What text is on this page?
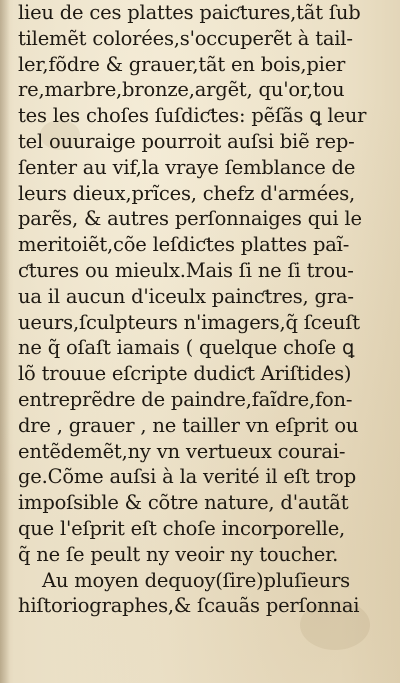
lieu de ces plattes paiƈtures,tãt ſub
tilemẽt colorées,s'occuperẽt à tail-
ler,fõdre & grauer,tãt en bois,pier
re,marbre,bronze,argẽt, qu'or,tou
tes les choſes ſuſdiƈtes: pẽſãs ꝗ leur
tel ouuraige pourroit auſsi biẽ rep-
ſenter au vif,la vraye ſemblance de
leurs dieux,prĩces, chefz d'armées,
parẽs, & autres perſonnaiges qui le
meritoiẽt,cõe leſdiƈtes plattes paĩ-
ƈtures ou mieulx.Mais ſi ne ſi trou-
ua il aucun d'iceulx painƈtres, gra-
ueurs,ſculpteurs n'imagers,q̃ ſceuſt
ne q̃ oſaſt iamais ( quelque choſe ꝗ
lõ trouue eſcripte dudiƈt Ariſtides)
entreprẽdre de paindre,faĩdre,fon-
dre , grauer , ne tailler vn eſprit ou
entẽdemẽt,ny vn vertueux courai-
ge.Cõme auſsi à la verité il eſt trop
impoſsible & cõtre nature, d'autãt
que l'eſprit eſt choſe incorporelle,
q̃ ne ſe peult ny veoir ny toucher.
Au moyen dequoy(ſire)pluſieurs
hiſtoriographes,& ſcauãs perſonnai
